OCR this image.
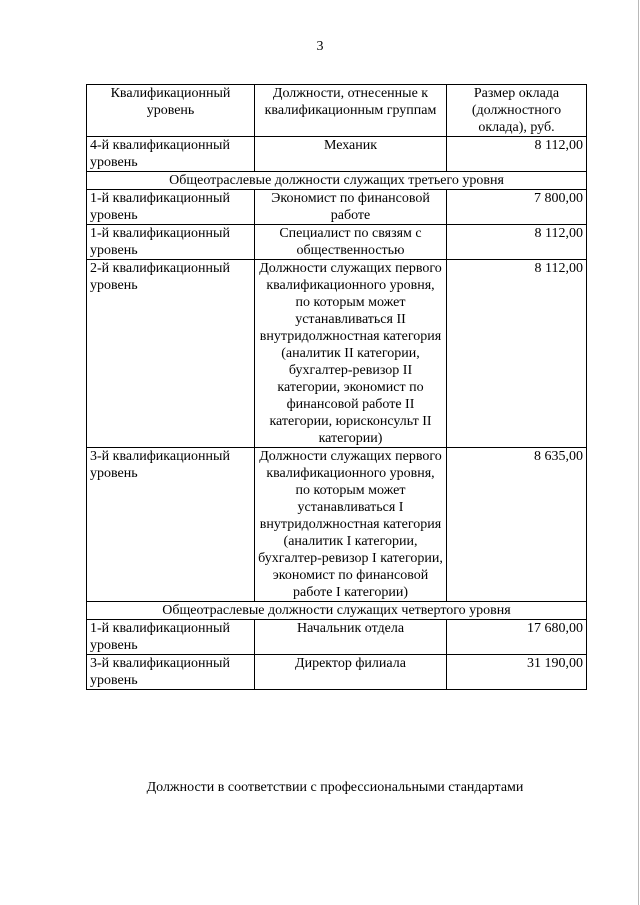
3
Квалификационный уровень	Должности, отнесенные к квалификационным группам	Размер оклада (должностного оклада), руб.
4-й квалификационный уровень	Механик	8 112,00
Общеотраслевые должности служащих третьего уровня		
1-й квалификационный уровень	Экономист по финансовой работе	7 800,00
1-й квалификационный уровень	Специалист по связям с общественностью	8 112,00
2-й квалификационный уровень	Должности служащих первого квалификационного уровня, по которым может устанавливаться II внутридолжностная категория (аналитик II категории, бухгалтер-ревизор II категории, экономист по финансовой работе II категории, юрисконсульт II категории)	8 112,00
3-й квалификационный уровень	Должности служащих первого квалификационного уровня, по которым может устанавливаться I внутридолжностная категория (аналитик I категории, бухгалтер-ревизор I категории, экономист по финансовой работе I категории)	8 635,00
Общеотраслевые должности служащих четвертого уровня		
1-й квалификационный уровень	Начальник отдела	17 680,00
3-й квалификационный уровень	Директор филиала	31 190,00
Должности в соответствии с профессиональными стандартами
